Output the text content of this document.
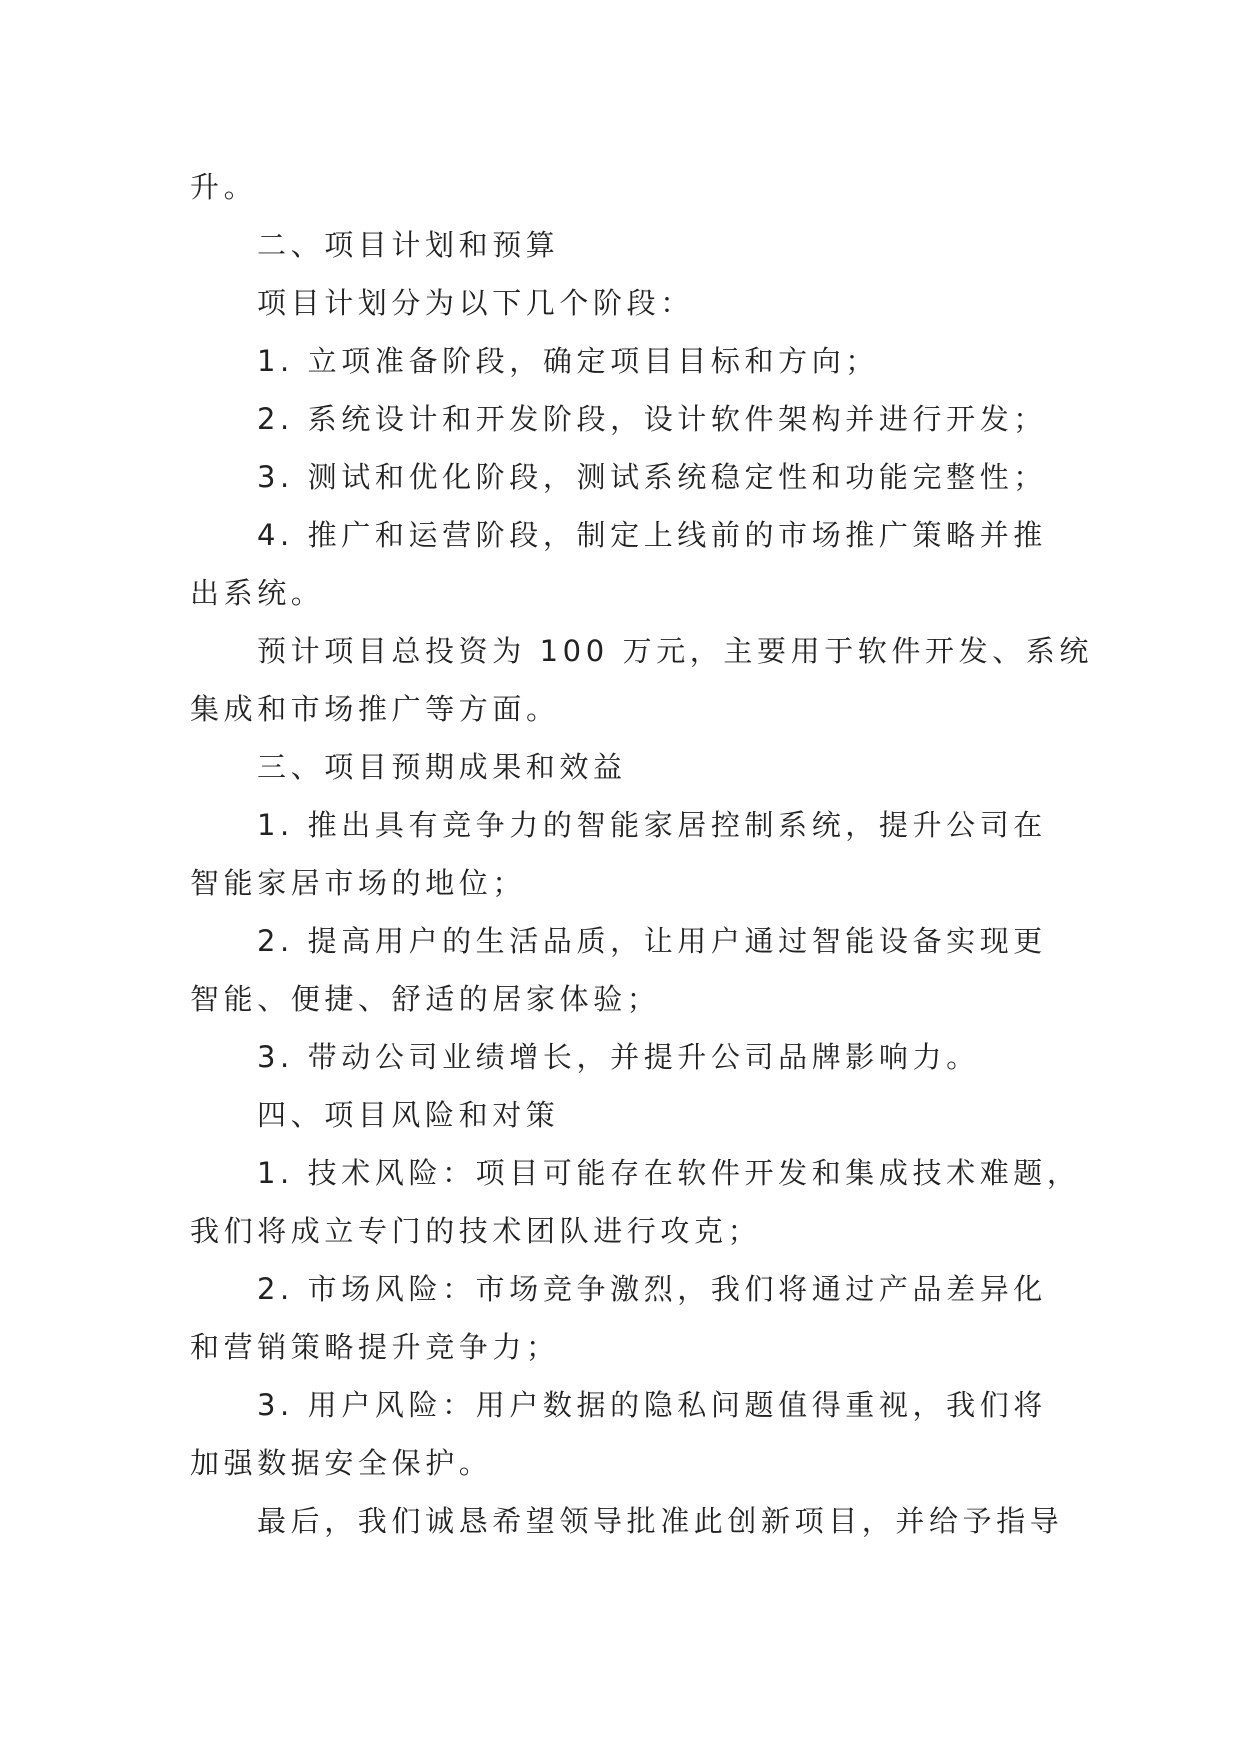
升。
二、项目计划和预算
项目计划分为以下几个阶段：
1. 立项准备阶段，确定项目目标和方向；
2. 系统设计和开发阶段，设计软件架构并进行开发；
3. 测试和优化阶段，测试系统稳定性和功能完整性；
4. 推广和运营阶段，制定上线前的市场推广策略并推
出系统。
预计项目总投资为 100 万元，主要用于软件开发、系统
集成和市场推广等方面。
三、项目预期成果和效益
1. 推出具有竞争力的智能家居控制系统，提升公司在
智能家居市场的地位；
2. 提高用户的生活品质，让用户通过智能设备实现更
智能、便捷、舒适的居家体验；
3. 带动公司业绩增长，并提升公司品牌影响力。
四、项目风险和对策
1. 技术风险：项目可能存在软件开发和集成技术难题，
我们将成立专门的技术团队进行攻克；
2. 市场风险：市场竞争激烈，我们将通过产品差异化
和营销策略提升竞争力；
3. 用户风险：用户数据的隐私问题值得重视，我们将
加强数据安全保护。
最后，我们诚恳希望领导批准此创新项目，并给予指导
